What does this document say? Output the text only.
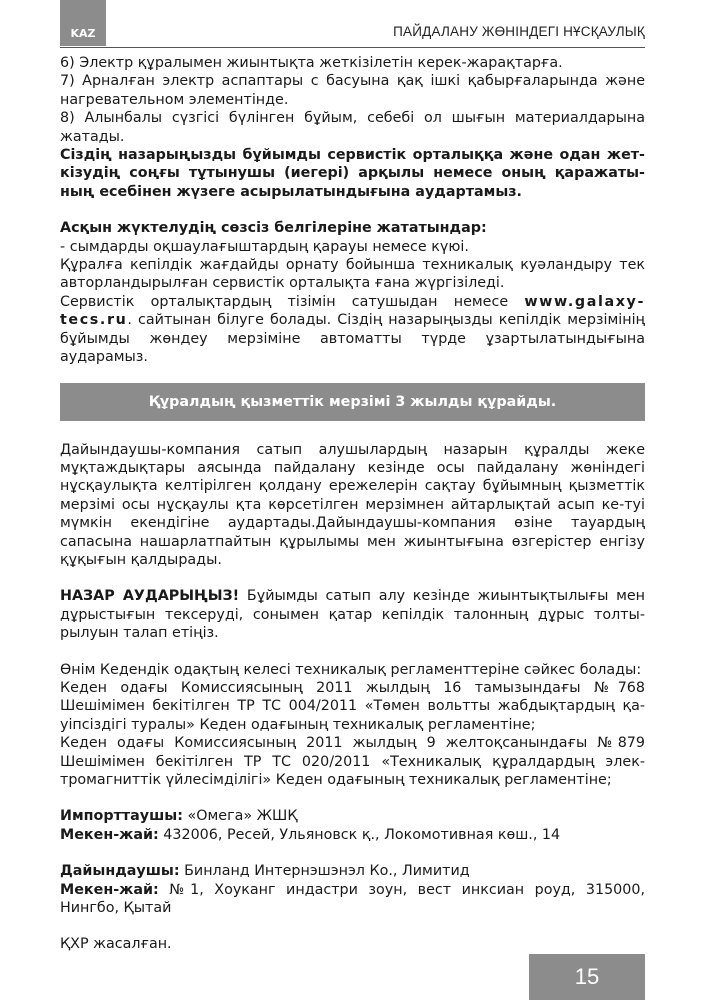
KAZ	ПАЙДАЛАНУ ЖӨНІНДЕГІ НҰСҚАУЛЫҚ

6) Электр құралымен жиынтықта жеткізілетін керек-жарақтарға.

7) Арналған электр аспаптары с басуына қақ ішкі қабырғаларында және нагревательном элементінде.

8) Алынбалы сүзгісі бүлінген бұйым, себебі ол шығын материалдарына жатады.

Сіздің назарыңызды бұйымды сервистік орталыққа және одан жет-кізудің соңғы тұтынушы (иегері) арқылы немесе оның қаражаты-ның есебінен жүзеге асырылатындығына аудартамыз.

Асқын жүктелудің сөзсіз белгілеріне жататындар:

- сымдарды оқшаулағыштардың қарауы немесе күюі.

Құралға кепілдік жағдайды орнату бойынша техникалық куәландыру тек авторландырылған сервистік орталықта ғана жүргізіледі.

Сервистік орталықтардың тізімін сатушыдан немесе www.galaxy-tecs.ru. сайтынан білуге болады. Сіздің назарыңызды кепілдік мерзімінің бұйымды жөндеу мерзіміне автоматты түрде ұзартылатындығына аударамыз.

Құралдың қызметтік мерзімі 3 жылды құрайды.

Дайындаушы-компания сатып алушылардың назарын құралды жеке мұқтаждықтары аясында пайдалану кезінде осы пайдалану жөніндегі нұсқаулықта келтірілген қолдану ережелерін сақтау бұйымның қызметтік мерзімі осы нұсқаулы қта көрсетілген мерзімнен айтарлықтай асып ке-туі мүмкін екендігіне аудартады.Дайындаушы-компания өзіне тауардың сапасына нашарлатпайтын құрылымы мен жиынтығына өзгерістер енгізу құқығын қалдырады.

НАЗАР АУДАРЫҢЫЗ! Бұйымды сатып алу кезінде жиынтықтылығы мен дұрыстығын тексеруді, сонымен қатар кепілдік талонның дұрыс толты-рылуын талап етіңіз.

Өнім Кедендік одақтың келесі техникалық регламенттеріне сәйкес болады:

Кеден одағы Комиссиясының 2011 жылдың 16 тамызындағы №768 Шешімімен бекітілген ТР ТС 004/2011 «Төмен вольтты жабдықтардың қа-уіпсіздігі туралы» Кеден одағының техникалық регламентіне;

Кеден одағы Комиссиясының 2011 жылдың 9 желтоқсанындағы №879 Шешімімен бекітілген ТР ТС 020/2011 «Техникалық құралдардың элек-тромагниттік үйлесімділігі» Кеден одағының техникалық регламентіне;

Импорттаушы: «Омега» ЖШҚ

Мекен-жай: 432006, Ресей, Ульяновск қ., Локомотивная көш., 14

Дайындаушы: Бинланд Интернэшэнэл Ко., Лимитид

Мекен-жай: №1, Хоуканг индастри зоун, вест инксиан роуд, 315000, Нингбо, Қытай

ҚХР жасалған.

15
